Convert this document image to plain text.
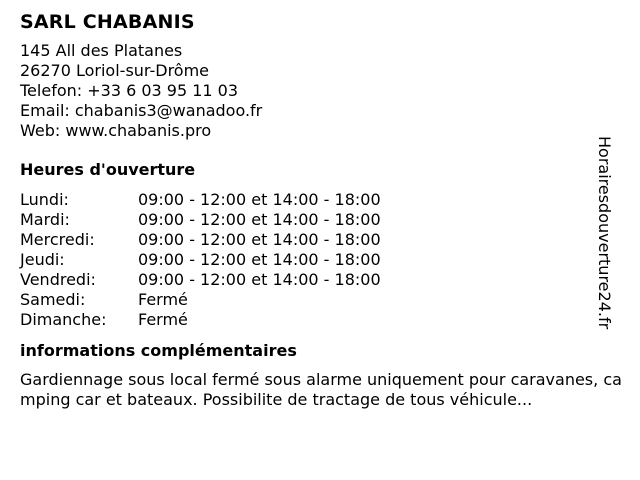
SARL CHABANIS
145 All des Platanes
26270 Loriol-sur-Drôme
Telefon: +33 6 03 95 11 03
Email: chabanis3@wanadoo.fr
Web: www.chabanis.pro
Heures d'ouverture
Lundi:	09:00 - 12:00 et 14:00 - 18:00
Mardi:	09:00 - 12:00 et 14:00 - 18:00
Mercredi:	09:00 - 12:00 et 14:00 - 18:00
Jeudi:	09:00 - 12:00 et 14:00 - 18:00
Vendredi:	09:00 - 12:00 et 14:00 - 18:00
Samedi:	Fermé
Dimanche:	Fermé
informations complémentaires
Gardiennage sous local fermé sous alarme uniquement pour caravanes, camping car et bateaux. Possibilite de tractage de tous véhicule...
Horairesdouverture24.fr
